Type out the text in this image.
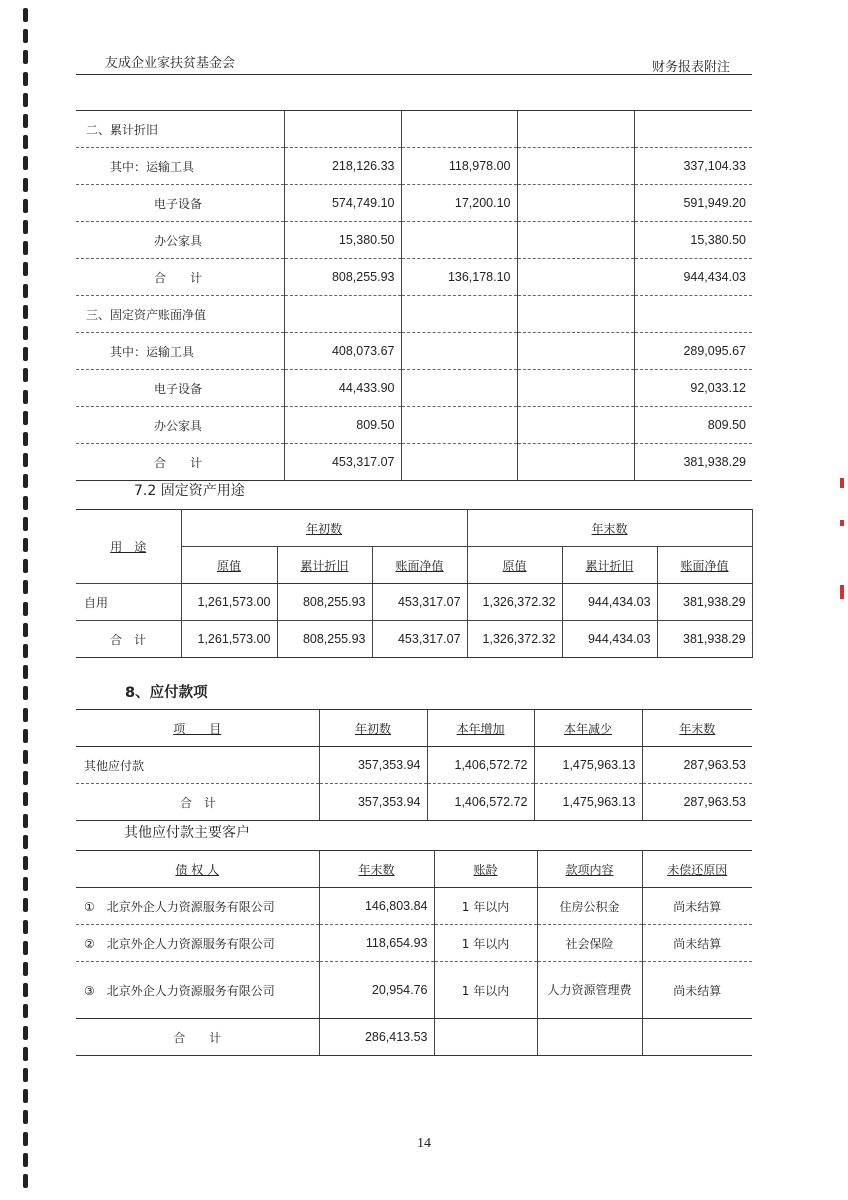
友成企业家扶贫基金会	财务报表附注
二、累计折旧				
其中：运输工具	218,126.33	118,978.00		337,104.33
电子设备	574,749.10	17,200.10		591,949.20
办公家具	15,380.50			15,380.50
合　　计	808,255.93	136,178.10		944,434.03
三、固定资产账面净值				
其中：运输工具	408,073.67			289,095.67
电子设备	44,433.90			92,033.12
办公家具	809.50			809.50
合　　计	453,317.07			381,938.29
7.2 固定资产用途
用　途	年初数			年末数		
	原值	累计折旧	账面净值	原值	累计折旧	账面净值
自用	1,261,573.00	808,255.93	453,317.07	1,326,372.32	944,434.03	381,938.29
合　计	1,261,573.00	808,255.93	453,317.07	1,326,372.32	944,434.03	381,938.29
8、应付款项
项　　目	年初数	本年增加	本年减少	年末数
其他应付款	357,353.94	1,406,572.72	1,475,963.13	287,963.53
合　计	357,353.94	1,406,572.72	1,475,963.13	287,963.53
其他应付款主要客户
债 权 人	年末数	账龄	款项内容	未偿还原因
①　北京外企人力资源服务有限公司	146,803.84	1 年以内	住房公积金	尚未结算
②　北京外企人力资源服务有限公司	118,654.93	1 年以内	社会保险	尚未结算
③　北京外企人力资源服务有限公司	20,954.76	1 年以内	人力资源管理费	尚未结算
合　　计	286,413.53			
14
